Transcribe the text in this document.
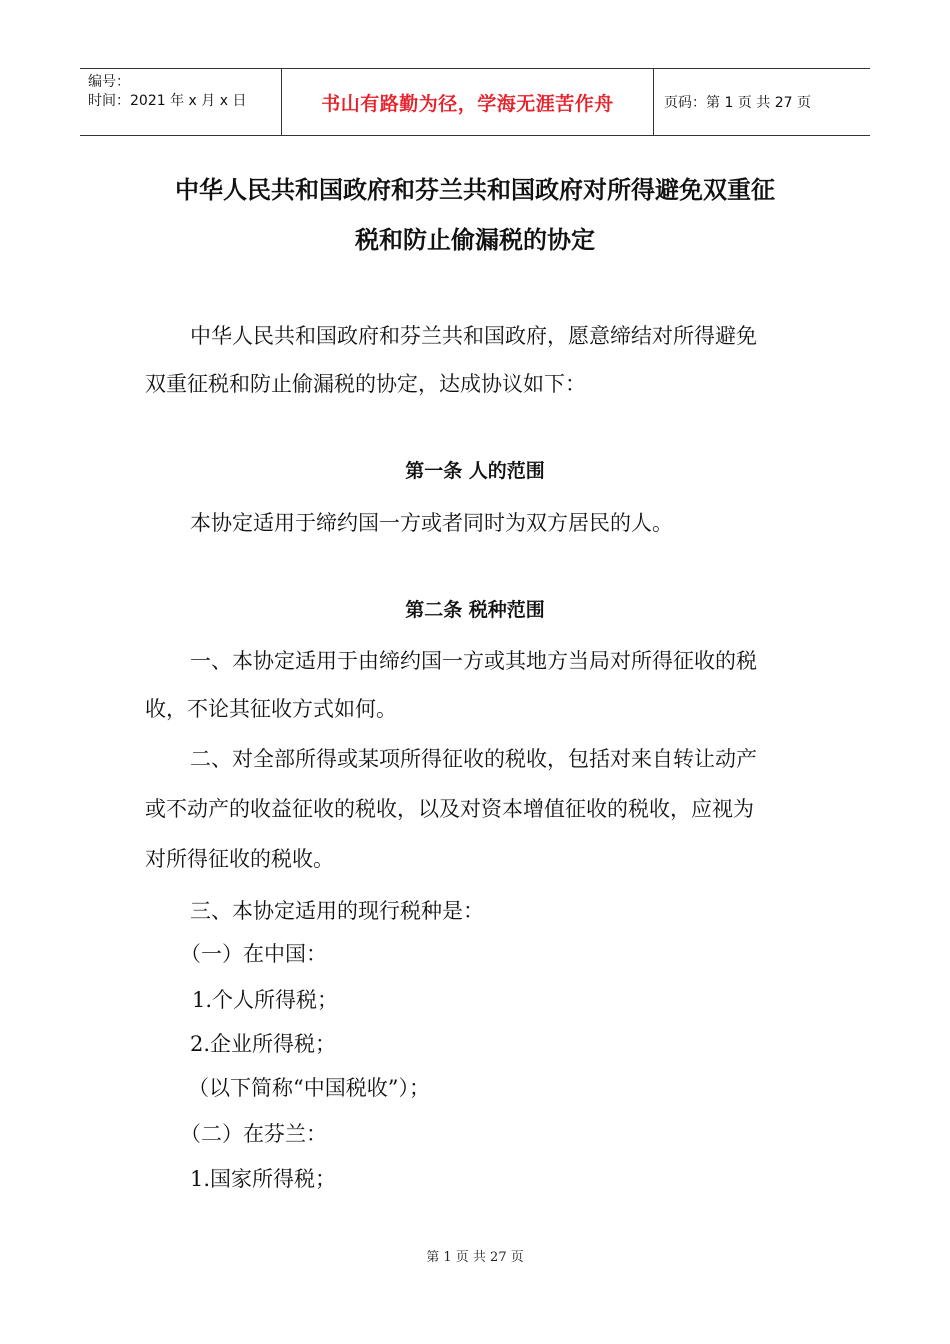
编号：
时间：2021 年 x 月 x 日	书山有路勤为径，学海无涯苦作舟	页码：第 1 页 共 27 页
中华人民共和国政府和芬兰共和国政府对所得避免双重征
税和防止偷漏税的协定
中华人民共和国政府和芬兰共和国政府，愿意缔结对所得避免
双重征税和防止偷漏税的协定，达成协议如下：
第一条 人的范围
本协定适用于缔约国一方或者同时为双方居民的人。
第二条 税种范围
一、本协定适用于由缔约国一方或其地方当局对所得征收的税
收，不论其征收方式如何。
二、对全部所得或某项所得征收的税收，包括对来自转让动产
或不动产的收益征收的税收，以及对资本增值征收的税收，应视为
对所得征收的税收。
三、本协定适用的现行税种是：
（一）在中国：
1.个人所得税；
2.企业所得税；
（以下简称“中国税收”）；
（二）在芬兰：
1.国家所得税；
第 1 页 共 27 页
